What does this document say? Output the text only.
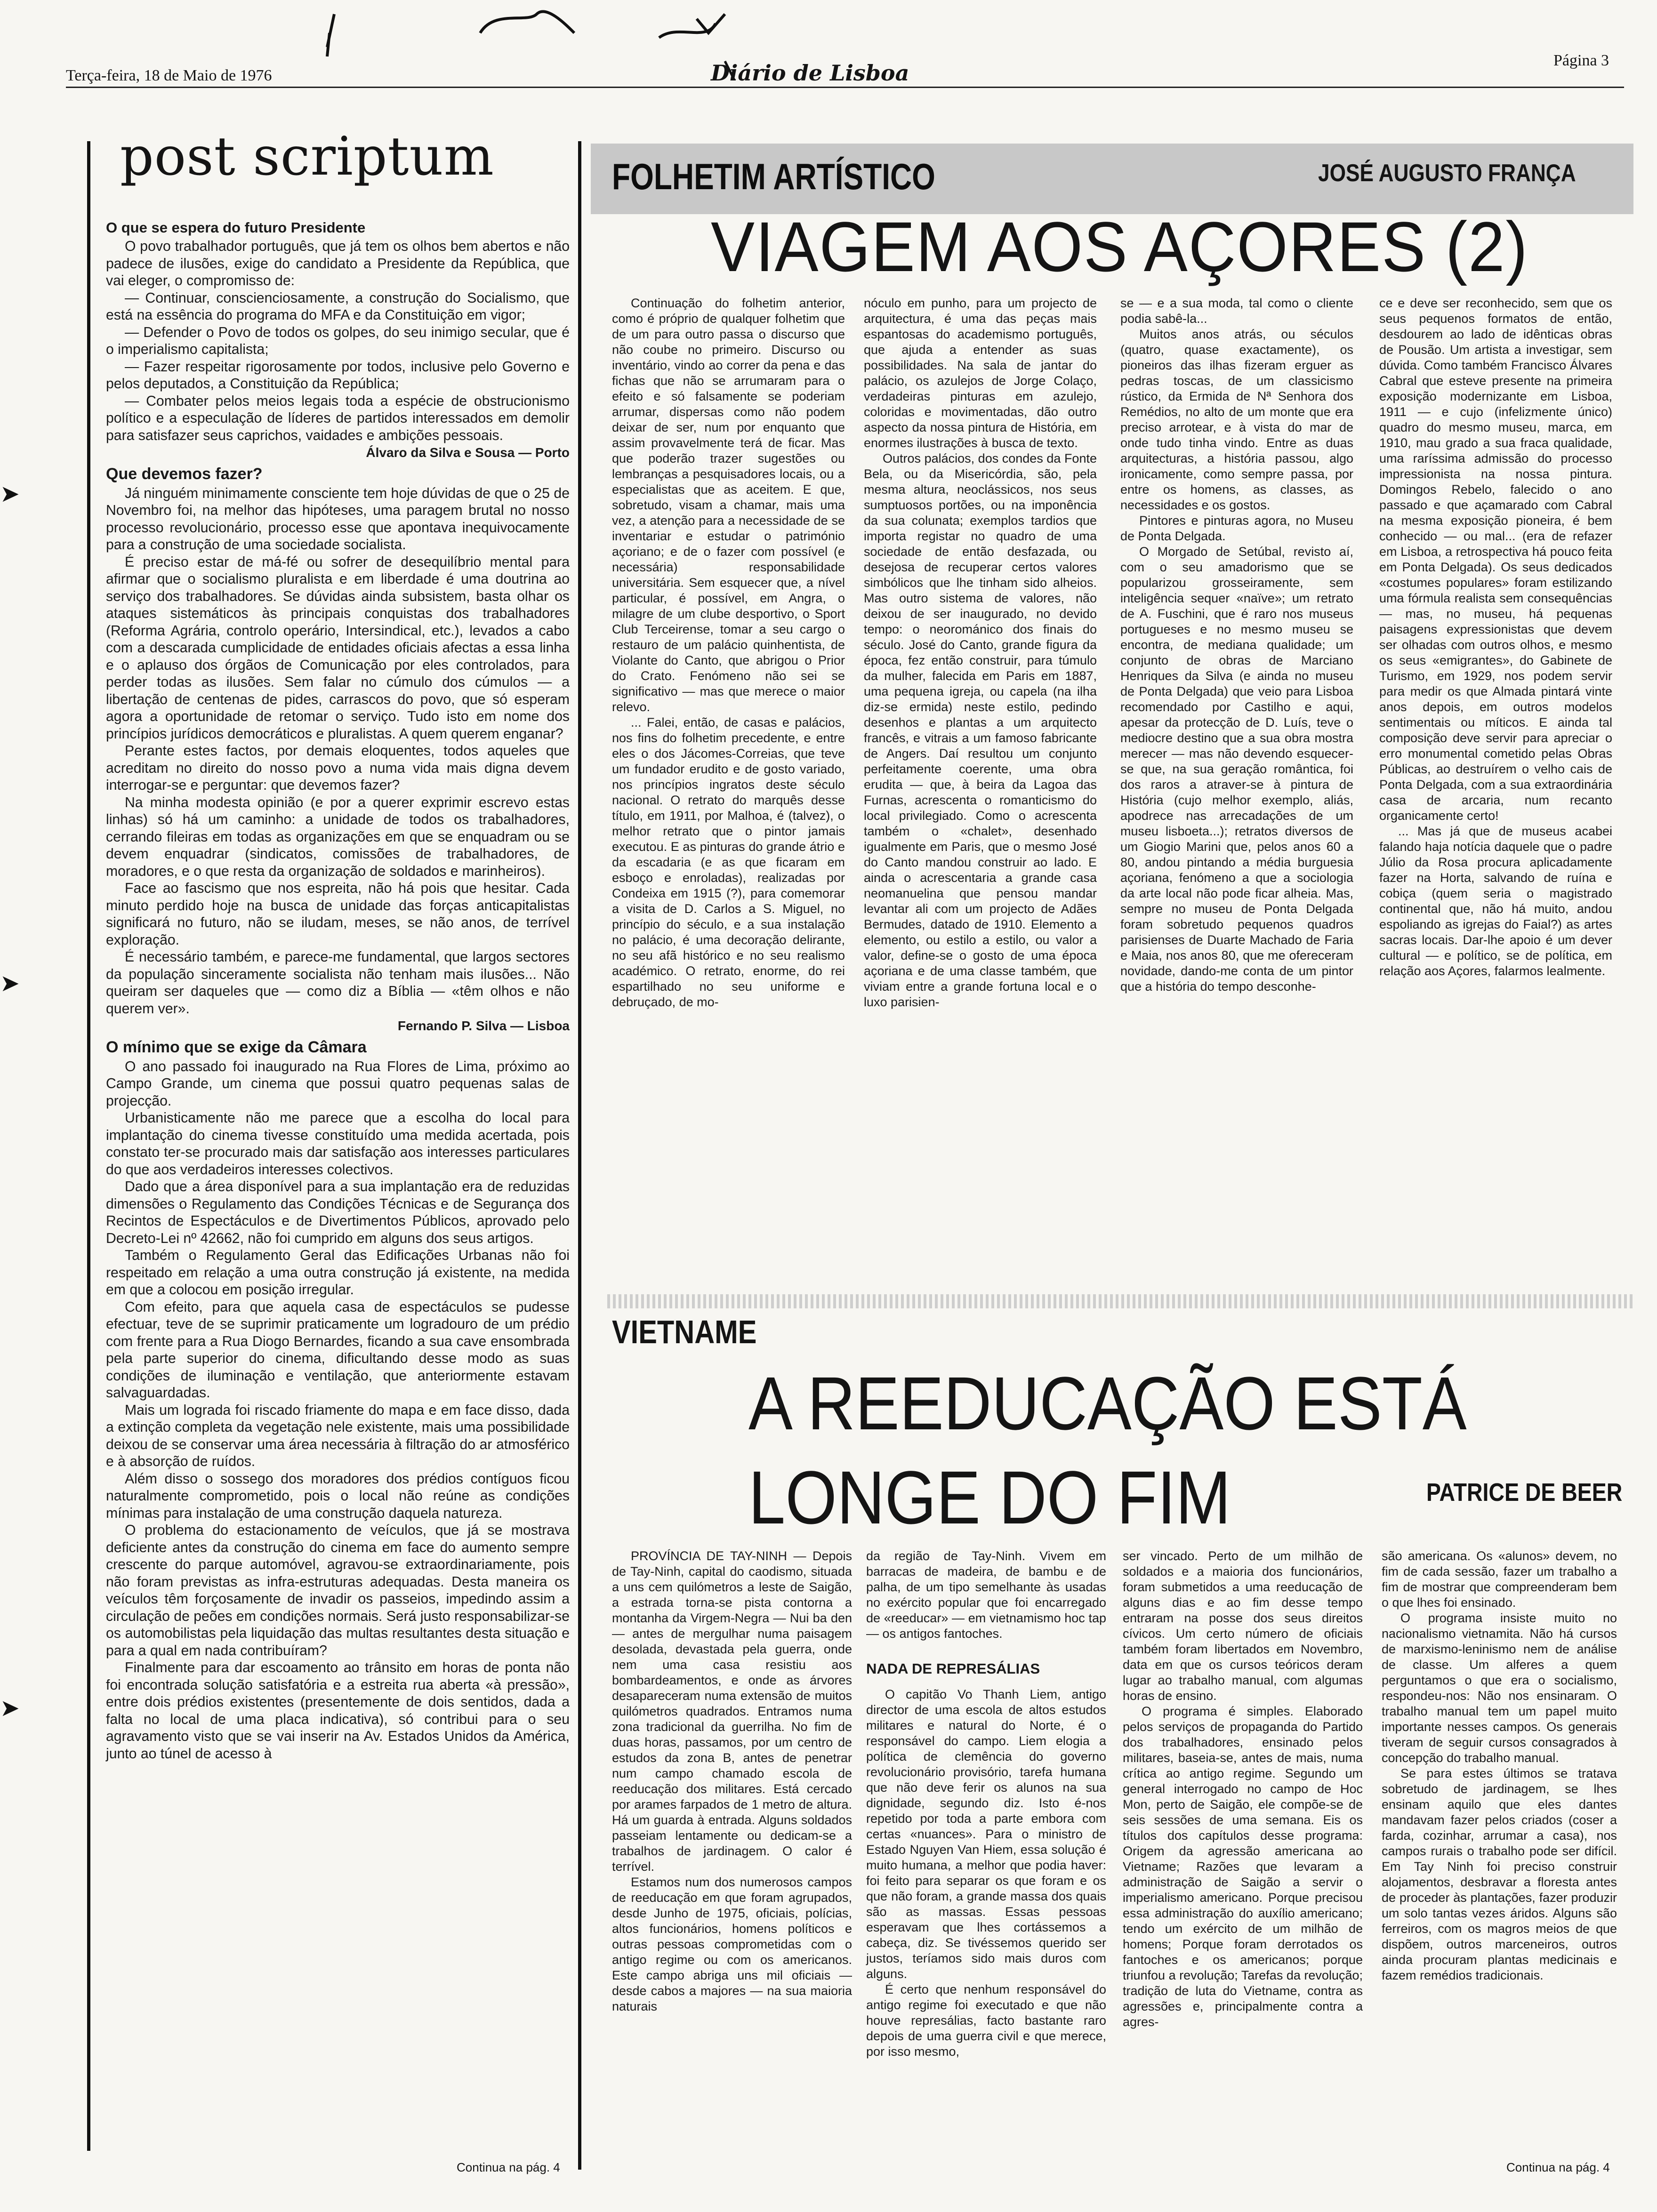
Terça-feira, 18 de Maio de 1976	Diário de Lisboa	Página 3
➤
➤
➤
post scriptum
O que se espera do futuro Presidente

O povo trabalhador português, que já tem os olhos bem abertos e não padece de ilusões, exige do candidato a Presidente da República, que vai eleger, o compromisso de:

— Continuar, conscienciosamente, a construção do Socialismo, que está na essência do programa do MFA e da Constituição em vigor;

— Defender o Povo de todos os golpes, do seu inimigo secular, que é o imperialismo capitalista;

— Fazer respeitar rigorosamente por todos, inclusive pelo Governo e pelos deputados, a Constituição da República;

— Combater pelos meios legais toda a espécie de obstrucionismo político e a especulação de líderes de partidos interessados em demolir para satisfazer seus caprichos, vaidades e ambições pessoais.

Álvaro da Silva e Sousa — Porto
Que devemos fazer?

Já ninguém minimamente consciente tem hoje dúvidas de que o 25 de Novembro foi, na melhor das hipóteses, uma paragem brutal no nosso processo revolucionário, processo esse que apontava inequivocamente para a construção de uma sociedade socialista.

É preciso estar de má-fé ou sofrer de desequilíbrio mental para afirmar que o socialismo pluralista e em liberdade é uma doutrina ao serviço dos trabalhadores. Se dúvidas ainda subsistem, basta olhar os ataques sistemáticos às principais conquistas dos trabalhadores (Reforma Agrária, controlo operário, Intersindical, etc.), levados a cabo com a descarada cumplicidade de entidades oficiais afectas a essa linha e o aplauso dos órgãos de Comunicação por eles controlados, para perder todas as ilusões. Sem falar no cúmulo dos cúmulos — a libertação de centenas de pides, carrascos do povo, que só esperam agora a oportunidade de retomar o serviço. Tudo isto em nome dos princípios jurídicos democráticos e pluralistas. A quem querem enganar?

Perante estes factos, por demais eloquentes, todos aqueles que acreditam no direito do nosso povo a numa vida mais digna devem interrogar-se e perguntar: que devemos fazer?

Na minha modesta opinião (e por a querer exprimir escrevo estas linhas) só há um caminho: a unidade de todos os trabalhadores, cerrando fileiras em todas as organizações em que se enquadram ou se devem enquadrar (sindicatos, comissões de trabalhadores, de moradores, e o que resta da organização de soldados e marinheiros).

Face ao fascismo que nos espreita, não há pois que hesitar. Cada minuto perdido hoje na busca de unidade das forças anticapitalistas significará no futuro, não se iludam, meses, se não anos, de terrível exploração.

É necessário também, e parece-me fundamental, que largos sectores da população sinceramente socialista não tenham mais ilusões... Não queiram ser daqueles que — como diz a Bíblia — «têm olhos e não querem ver».

Fernando P. Silva — Lisboa
O mínimo que se exige da Câmara

O ano passado foi inaugurado na Rua Flores de Lima, próximo ao Campo Grande, um cinema que possui quatro pequenas salas de projecção.

Urbanisticamente não me parece que a escolha do local para implantação do cinema tivesse constituído uma medida acertada, pois constato ter-se procurado mais dar satisfação aos interesses particulares do que aos verdadeiros interesses colectivos.

Dado que a área disponível para a sua implantação era de reduzidas dimensões o Regulamento das Condições Técnicas e de Segurança dos Recintos de Espectáculos e de Divertimentos Públicos, aprovado pelo Decreto-Lei nº 42662, não foi cumprido em alguns dos seus artigos.

Também o Regulamento Geral das Edificações Urbanas não foi respeitado em relação a uma outra construção já existente, na medida em que a colocou em posição irregular.

Com efeito, para que aquela casa de espectáculos se pudesse efectuar, teve de se suprimir praticamente um logradouro de um prédio com frente para a Rua Diogo Bernardes, ficando a sua cave ensombrada pela parte superior do cinema, dificultando desse modo as suas condições de iluminação e ventilação, que anteriormente estavam salvaguardadas.

Mais um lograda foi riscado friamente do mapa e em face disso, dada a extinção completa da vegetação nele existente, mais uma possibilidade deixou de se conservar uma área necessária à filtração do ar atmosférico e à absorção de ruídos.

Além disso o sossego dos moradores dos prédios contíguos ficou naturalmente comprometido, pois o local não reúne as condições mínimas para instalação de uma construção daquela natureza.

O problema do estacionamento de veículos, que já se mostrava deficiente antes da construção do cinema em face do aumento sempre crescente do parque automóvel, agravou-se extraordinariamente, pois não foram previstas as infra-estruturas adequadas. Desta maneira os veículos têm forçosamente de invadir os passeios, impedindo assim a circulação de peões em condições normais. Será justo responsabilizar-se os automobilistas pela liquidação das multas resultantes desta situação e para a qual em nada contribuíram?

Finalmente para dar escoamento ao trânsito em horas de ponta não foi encontrada solução satisfatória e a estreita rua aberta «à pressão», entre dois prédios existentes (presentemente de dois sentidos, dada a falta no local de uma placa indicativa), só contribui para o seu agravamento visto que se vai inserir na Av. Estados Unidos da América, junto ao túnel de acesso à

Continua na pág. 4
FOLHETIM ARTÍSTICO	JOSÉ AUGUSTO FRANÇA
VIAGEM AOS AÇORES (2)

Continuação do folhetim anterior, como é próprio de qualquer folhetim que de um para outro passa o discurso que não coube no primeiro. Discurso ou inventário, vindo ao correr da pena e das fichas que não se arrumaram para o efeito e só falsamente se poderiam arrumar, dispersas como não podem deixar de ser, num por enquanto que assim provavelmente terá de ficar. Mas que poderão trazer sugestões ou lembranças a pesquisadores locais, ou a especialistas que as aceitem. E que, sobretudo, visam a chamar, mais uma vez, a atenção para a necessidade de se inventariar e estudar o património açoriano; e de o fazer com possível (e necessária) responsabilidade universitária. Sem esquecer que, a nível particular, é possível, em Angra, o milagre de um clube desportivo, o Sport Club Terceirense, tomar a seu cargo o restauro de um palácio quinhentista, de Violante do Canto, que abrigou o Prior do Crato. Fenómeno não sei se significativo — mas que merece o maior relevo.

... Falei, então, de casas e palácios, nos fins do folhetim precedente, e entre eles o dos Jácomes-Correias, que teve um fundador erudito e de gosto variado, nos princípios ingratos deste século nacional. O retrato do marquês desse título, em 1911, por Malhoa, é (talvez), o melhor retrato que o pintor jamais executou. E as pinturas do grande átrio e da escadaria (e as que ficaram em esboço e enroladas), realizadas por Condeixa em 1915 (?), para comemorar a visita de D. Carlos a S. Miguel, no princípio do século, e a sua instalação no palácio, é uma decoração delirante, no seu afã histórico e no seu realismo académico. O retrato, enorme, do rei espartilhado no seu uniforme e debruçado, de mo-

nóculo em punho, para um projecto de arquitectura, é uma das peças mais espantosas do academismo português, que ajuda a entender as suas possibilidades. Na sala de jantar do palácio, os azulejos de Jorge Colaço, verdadeiras pinturas em azulejo, coloridas e movimentadas, dão outro aspecto da nossa pintura de História, em enormes ilustrações à busca de texto.

Outros palácios, dos condes da Fonte Bela, ou da Misericórdia, são, pela mesma altura, neoclássicos, nos seus sumptuosos portões, ou na imponência da sua colunata; exemplos tardios que importa registar no quadro de uma sociedade de então desfazada, ou desejosa de recuperar certos valores simbólicos que lhe tinham sido alheios. Mas outro sistema de valores, não deixou de ser inaugurado, no devido tempo: o neorománico dos finais do século. José do Canto, grande figura da época, fez então construir, para túmulo da mulher, falecida em Paris em 1887, uma pequena igreja, ou capela (na ilha diz-se ermida) neste estilo, pedindo desenhos e plantas a um arquitecto francês, e vitrais a um famoso fabricante de Angers. Daí resultou um conjunto perfeitamente coerente, uma obra erudita — que, à beira da Lagoa das Furnas, acrescenta o romanticismo do local privilegiado. Como o acrescenta também o «chalet», desenhado igualmente em Paris, que o mesmo José do Canto mandou construir ao lado. E ainda o acrescentaria a grande casa neomanuelina que pensou mandar levantar ali com um projecto de Adães Bermudes, datado de 1910. Elemento a elemento, ou estilo a estilo, ou valor a valor, define-se o gosto de uma época açoriana e de uma classe também, que viviam entre a grande fortuna local e o luxo parisien-

se — e a sua moda, tal como o cliente podia sabê-la...

Muitos anos atrás, ou séculos (quatro, quase exactamente), os pioneiros das ilhas fizeram erguer as pedras toscas, de um classicismo rústico, da Ermida de Nª Senhora dos Remédios, no alto de um monte que era preciso arrotear, e à vista do mar de onde tudo tinha vindo. Entre as duas arquitecturas, a história passou, algo ironicamente, como sempre passa, por entre os homens, as classes, as necessidades e os gostos.

Pintores e pinturas agora, no Museu de Ponta Delgada.

O Morgado de Setúbal, revisto aí, com o seu amadorismo que se popularizou grosseiramente, sem inteligência sequer «naïve»; um retrato de A. Fuschini, que é raro nos museus portugueses e no mesmo museu se encontra, de mediana qualidade; um conjunto de obras de Marciano Henriques da Silva (e ainda no museu de Ponta Delgada) que veio para Lisboa recomendado por Castilho e aqui, apesar da protecção de D. Luís, teve o mediocre destino que a sua obra mostra merecer — mas não devendo esquecer-se que, na sua geração romântica, foi dos raros a atraver-se à pintura de História (cujo melhor exemplo, aliás, apodrece nas arrecadações de um museu lisboeta...); retratos diversos de um Giogio Marini que, pelos anos 60 a 80, andou pintando a média burguesia açoriana, fenómeno a que a sociologia da arte local não pode ficar alheia. Mas, sempre no museu de Ponta Delgada foram sobretudo pequenos quadros parisienses de Duarte Machado de Faria e Maia, nos anos 80, que me ofereceram novidade, dando-me conta de um pintor que a história do tempo desconhe-

ce e deve ser reconhecido, sem que os seus pequenos formatos de então, desdourem ao lado de idênticas obras de Pousão. Um artista a investigar, sem dúvida. Como também Francisco Álvares Cabral que esteve presente na primeira exposição modernizante em Lisboa, 1911 — e cujo (infelizmente único) quadro do mesmo museu, marca, em 1910, mau grado a sua fraca qualidade, uma raríssima admissão do processo impressionista na nossa pintura. Domingos Rebelo, falecido o ano passado e que açamarado com Cabral na mesma exposição pioneira, é bem conhecido — ou mal... (era de refazer em Lisboa, a retrospectiva há pouco feita em Ponta Delgada). Os seus dedicados «costumes populares» foram estilizando uma fórmula realista sem consequências — mas, no museu, há pequenas paisagens expressionistas que devem ser olhadas com outros olhos, e mesmo os seus «emigrantes», do Gabinete de Turismo, em 1929, nos podem servir para medir os que Almada pintará vinte anos depois, em outros modelos sentimentais ou míticos. E ainda tal composição deve servir para apreciar o erro monumental cometido pelas Obras Públicas, ao destruírem o velho cais de Ponta Delgada, com a sua extraordinária casa de arcaria, num recanto organicamente certo!

... Mas já que de museus acabei falando haja notícia daquele que o padre Júlio da Rosa procura aplicadamente fazer na Horta, salvando de ruína e cobiça (quem seria o magistrado continental que, não há muito, andou espoliando as igrejas do Faial?) as artes sacras locais. Dar-lhe apoio é um dever cultural — e político, se de política, em relação aos Açores, falarmos lealmente.

VIETNAME
A REEDUCAÇÃO ESTÁ
LONGE DO FIM	PATRICE DE BEER

PROVÍNCIA DE TAY-NINH — Depois de Tay-Ninh, capital do caodismo, situada a uns cem quilómetros a leste de Saigão, a estrada torna-se pista contorna a montanha da Virgem-Negra — Nui ba den — antes de mergulhar numa paisagem desolada, devastada pela guerra, onde nem uma casa resistiu aos bombardeamentos, e onde as árvores desapareceram numa extensão de muitos quilómetros quadrados. Entramos numa zona tradicional da guerrilha. No fim de duas horas, passamos, por um centro de estudos da zona B, antes de penetrar num campo chamado escola de reeducação dos militares. Está cercado por arames farpados de 1 metro de altura. Há um guarda à entrada. Alguns soldados passeiam lentamente ou dedicam-se a trabalhos de jardinagem. O calor é terrível.

Estamos num dos numerosos campos de reeducação em que foram agrupados, desde Junho de 1975, oficiais, polícias, altos funcionários, homens políticos e outras pessoas comprometidas com o antigo regime ou com os americanos. Este campo abriga uns mil oficiais — desde cabos a majores — na sua maioria naturais

da região de Tay-Ninh. Vivem em barracas de madeira, de bambu e de palha, de um tipo semelhante às usadas no exército popular que foi encarregado de «reeducar» — em vietnamismo hoc tap — os antigos fantoches.

NADA DE REPRESÁLIAS

O capitão Vo Thanh Liem, antigo director de uma escola de altos estudos militares e natural do Norte, é o responsável do campo. Liem elogia a política de clemência do governo revolucionário provisório, tarefa humana que não deve ferir os alunos na sua dignidade, segundo diz. Isto é-nos repetido por toda a parte embora com certas «nuances». Para o ministro de Estado Nguyen Van Hiem, essa solução é muito humana, a melhor que podia haver: foi feito para separar os que foram e os que não foram, a grande massa dos quais são as massas. Essas pessoas esperavam que lhes cortássemos a cabeça, diz. Se tivéssemos querido ser justos, teríamos sido mais duros com alguns.

É certo que nenhum responsável do antigo regime foi executado e que não houve represálias, facto bastante raro depois de uma guerra civil e que merece, por isso mesmo,

ser vincado. Perto de um milhão de soldados e a maioria dos funcionários, foram submetidos a uma reeducação de alguns dias e ao fim desse tempo entraram na posse dos seus direitos cívicos. Um certo número de oficiais também foram libertados em Novembro, data em que os cursos teóricos deram lugar ao trabalho manual, com algumas horas de ensino.

O programa é simples. Elaborado pelos serviços de propaganda do Partido dos trabalhadores, ensinado pelos militares, baseia-se, antes de mais, numa crítica ao antigo regime. Segundo um general interrogado no campo de Hoc Mon, perto de Saigão, ele compõe-se de seis sessões de uma semana. Eis os títulos dos capítulos desse programa: Origem da agressão americana ao Vietname; Razões que levaram a administração de Saigão a servir o imperialismo americano. Porque precisou essa administração do auxílio americano; tendo um exército de um milhão de homens; Porque foram derrotados os fantoches e os americanos; porque triunfou a revolução; Tarefas da revolução; tradição de luta do Vietname, contra as agressões e, principalmente contra a agres-

são americana. Os «alunos» devem, no fim de cada sessão, fazer um trabalho a fim de mostrar que compreenderam bem o que lhes foi ensinado.

O programa insiste muito no nacionalismo vietnamita. Não há cursos de marxismo-leninismo nem de análise de classe. Um alferes a quem perguntamos o que era o socialismo, respondeu-nos: Não nos ensinaram. O trabalho manual tem um papel muito importante nesses campos. Os generais tiveram de seguir cursos consagrados à concepção do trabalho manual.

Se para estes últimos se tratava sobretudo de jardinagem, se lhes ensinam aquilo que eles dantes mandavam fazer pelos criados (coser a farda, cozinhar, arrumar a casa), nos campos rurais o trabalho pode ser difícil. Em Tay Ninh foi preciso construir alojamentos, desbravar a floresta antes de proceder às plantações, fazer produzir um solo tantas vezes áridos. Alguns são ferreiros, com os magros meios de que dispõem, outros marceneiros, outros ainda procuram plantas medicinais e fazem remédios tradicionais.

Continua na pág. 4
